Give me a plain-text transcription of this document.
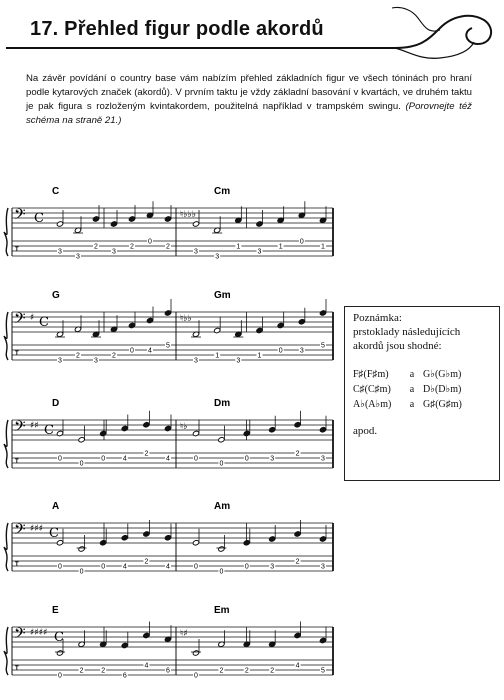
17. Přehled figur podle akordů
Na závěr povídání o country base vám nabízím přehled základních figur ve všech tóninách pro hraní podle kytarových značek (akordů). V prvním taktu je vždy základní basování v kvartách, ve druhém taktu je pak figura s rozloženým kvintakordem, použitelná například v trampském swingu. (Porovnejte též schéma na straně 21.)
Poznámka:
prstoklady následujících
akordů jsou shodné:
F♯(F♯m)	a G♭(G♭m)
C♯(C♯m)	a D♭(D♭m)
A♭(A♭m)	a G♯(G♯m)
apod.
𝄢 C	♮♭♭♭
T
C	Cm
3
3
2
3
2
0
2
3
3
1
3
1
0
1
𝄢 ♯ C	♮♭♭
T
G	Gm
3
2
3
2
0 4
5
3
1
3
1
0 3
5
𝄢 ♯♯ C	♮♭
T
D	Dm
0
0
0	4
2
4	0
0
0	3
2
3
𝄢 ♯♯♯ C
T
A	Am
0
0
0	4
2
4	0
0
0	3
2
3
𝄢 ♯♯♯♯ C	♮♯
T
E	Em
0
2	2
6
4
6
0
2	2	2
4
5
